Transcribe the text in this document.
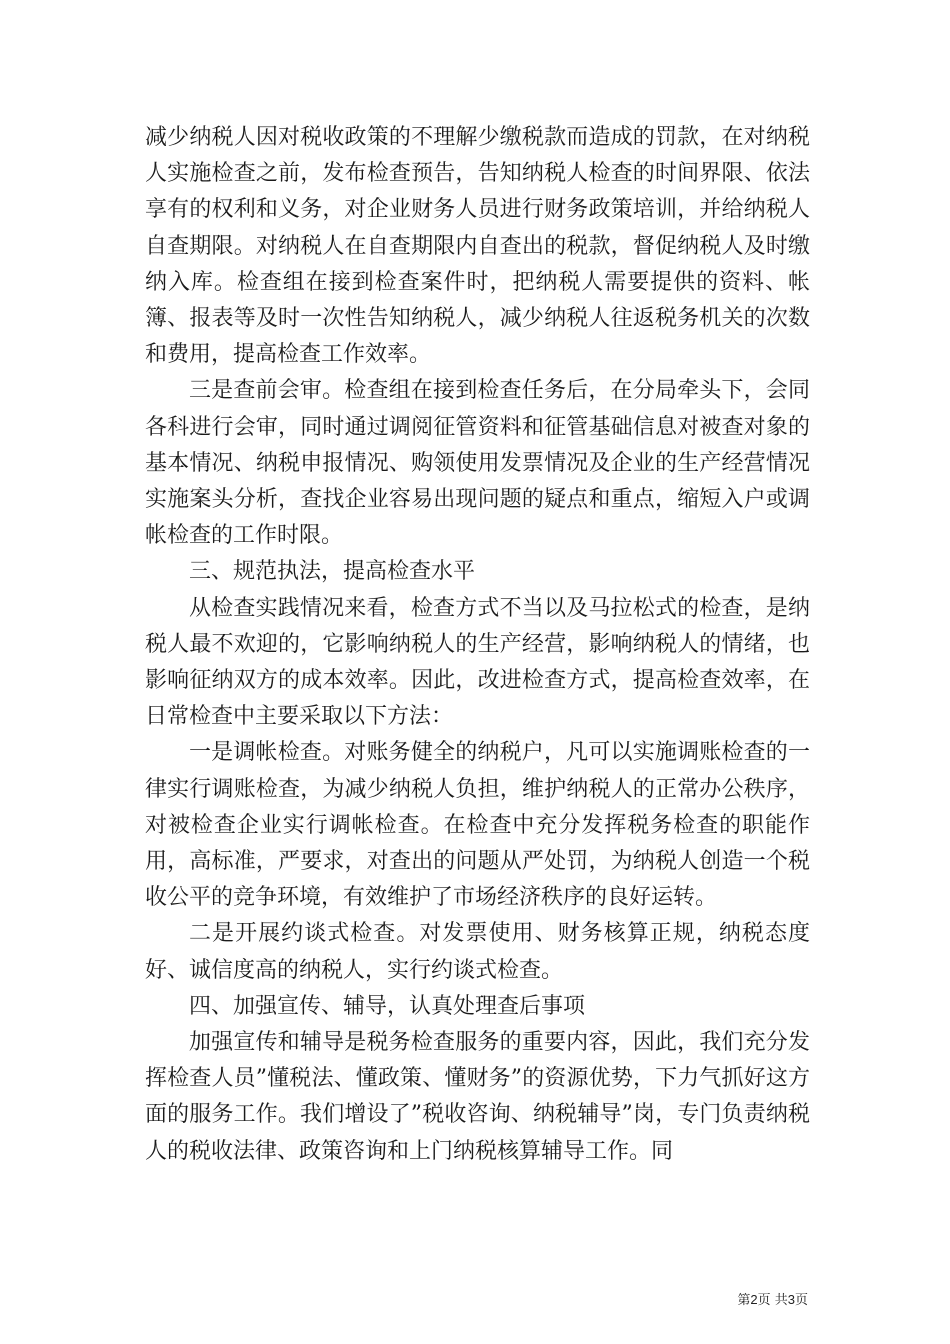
减少纳税人因对税收政策的不理解少缴税款而造成的罚款，在对纳税人实施检查之前，发布检查预告，告知纳税人检查的时间界限、依法享有的权利和义务，对企业财务人员进行财务政策培训，并给纳税人自查期限。对纳税人在自查期限内自查出的税款，督促纳税人及时缴纳入库。检查组在接到检查案件时，把纳税人需要提供的资料、帐簿、报表等及时一次性告知纳税人，减少纳税人往返税务机关的次数和费用，提高检查工作效率。

三是查前会审。检查组在接到检查任务后，在分局牵头下，会同各科进行会审，同时通过调阅征管资料和征管基础信息对被查对象的基本情况、纳税申报情况、购领使用发票情况及企业的生产经营情况实施案头分析，查找企业容易出现问题的疑点和重点，缩短入户或调帐检查的工作时限。

三、规范执法，提高检查水平

从检查实践情况来看，检查方式不当以及马拉松式的检查，是纳税人最不欢迎的，它影响纳税人的生产经营，影响纳税人的情绪，也影响征纳双方的成本效率。因此，改进检查方式，提高检查效率，在日常检查中主要采取以下方法：

一是调帐检查。对账务健全的纳税户，凡可以实施调账检查的一律实行调账检查，为减少纳税人负担，维护纳税人的正常办公秩序，对被检查企业实行调帐检查。在检查中充分发挥税务检查的职能作用，高标准，严要求，对查出的问题从严处罚，为纳税人创造一个税收公平的竞争环境，有效维护了市场经济秩序的良好运转。

二是开展约谈式检查。对发票使用、财务核算正规，纳税态度好、诚信度高的纳税人，实行约谈式检查。

四、加强宣传、辅导，认真处理查后事项

加强宣传和辅导是税务检查服务的重要内容，因此，我们充分发挥检查人员”懂税法、懂政策、懂财务”的资源优势，下力气抓好这方面的服务工作。我们增设了”税收咨询、纳税辅导”岗，专门负责纳税人的税收法律、政策咨询和上门纳税核算辅导工作。同

第2页 共3页
